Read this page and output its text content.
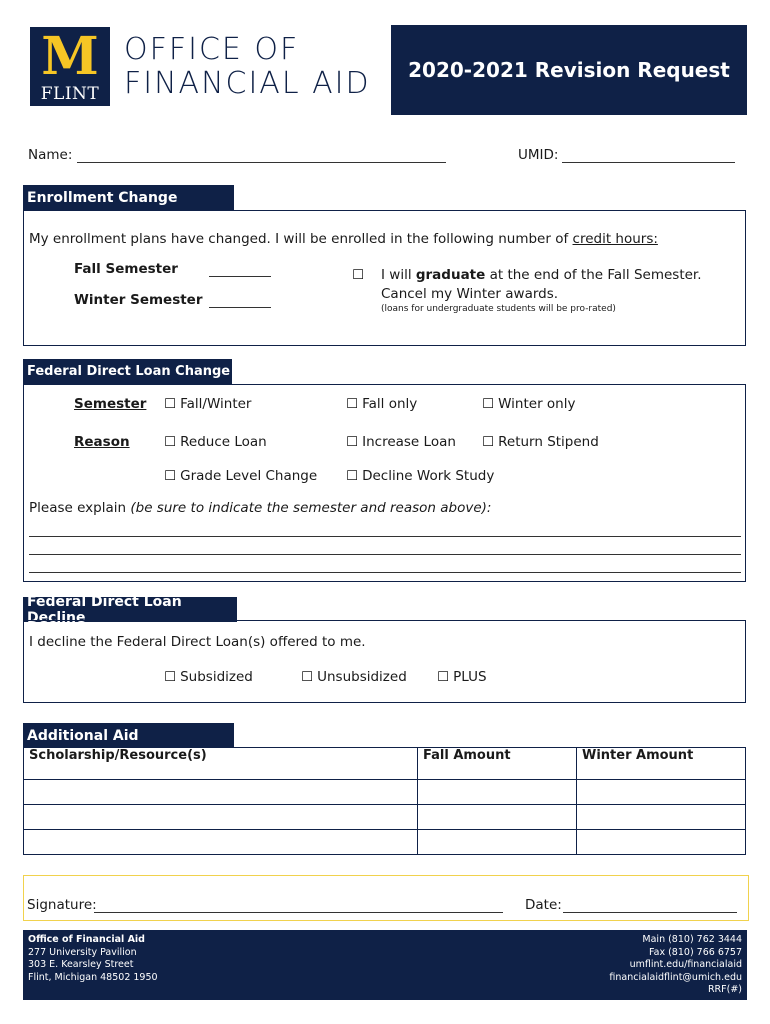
M
FLINT
OFFICE OF
FINANCIAL AID	2020-2021 Revision Request
Name:	UMID:
Enrollment Change
My enrollment plans have changed. I will be enrolled in the following number of credit hours:
Fall Semester
Winter Semester
☐ I will graduate at the end of the Fall Semester.
Cancel my Winter awards.
(loans for undergraduate students will be pro-rated)
Federal Direct Loan Change
Semester	☐ Fall/Winter	☐ Fall only	☐ Winter only
Reason	☐ Reduce Loan	☐ Increase Loan	☐ Return Stipend
☐ Grade Level Change	☐ Decline Work Study
Please explain (be sure to indicate the semester and reason above):
Federal Direct Loan Decline
I decline the Federal Direct Loan(s) offered to me.
☐ Subsidized	☐ Unsubsidized	☐ PLUS
Additional Aid
Scholarship/Resource(s)	Fall Amount	Winter Amount

Signature:	Date:
Office of Financial Aid
277 University Pavilion
303 E. Kearsley Street
Flint, Michigan 48502 1950
Main (810) 762 3444
Fax (810) 766 6757
umflint.edu/financialaid
financialaidflint@umich.edu
RRF(#)
